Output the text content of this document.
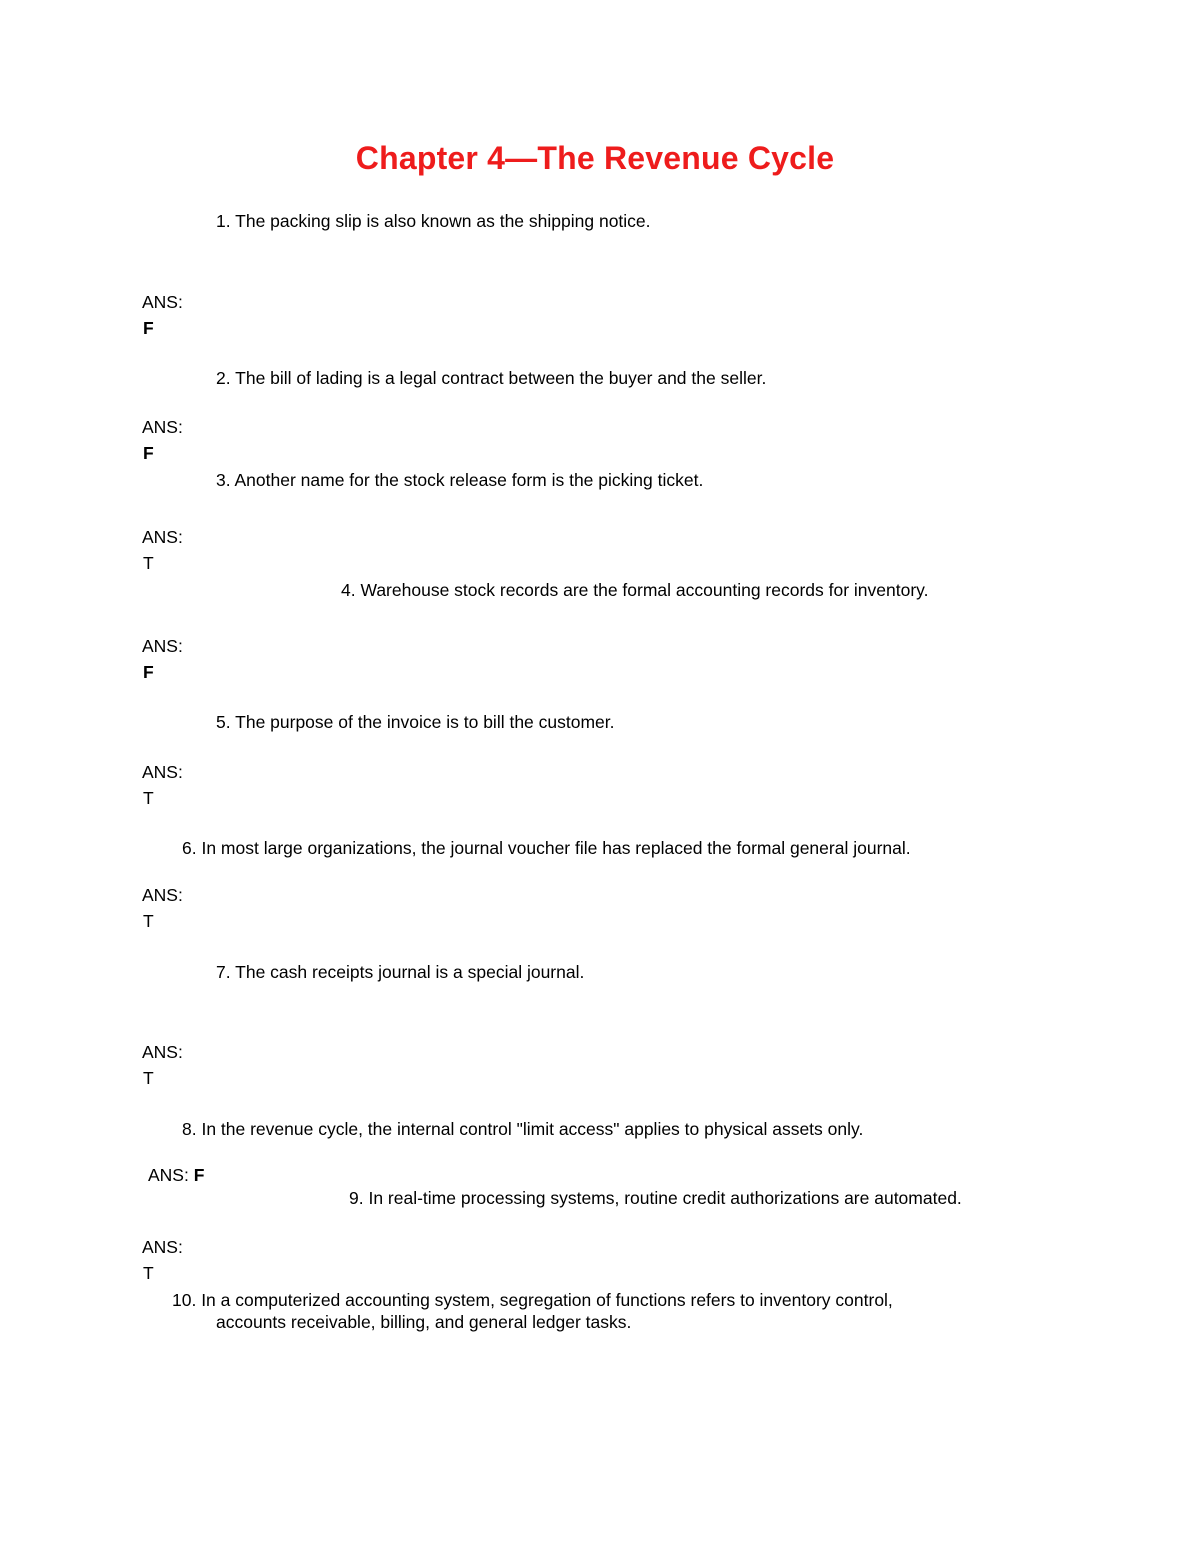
Chapter 4—The Revenue Cycle
1. The packing slip is also known as the shipping notice.
ANS:
F
2. The bill of lading is a legal contract between the buyer and the seller.
ANS:
F
3. Another name for the stock release form is the picking ticket.
ANS:
T
4. Warehouse stock records are the formal accounting records for inventory.
ANS:
F
5. The purpose of the invoice is to bill the customer.
ANS:
T
6. In most large organizations, the journal voucher file has replaced the formal general journal.
ANS:
T
7. The cash receipts journal is a special journal.
ANS:
T
8. In the revenue cycle, the internal control "limit access" applies to physical assets only.
ANS: F
9. In real-time processing systems, routine credit authorizations are automated.
ANS:
T
10. In a computerized accounting system, segregation of functions refers to inventory control,
accounts receivable, billing, and general ledger tasks.
